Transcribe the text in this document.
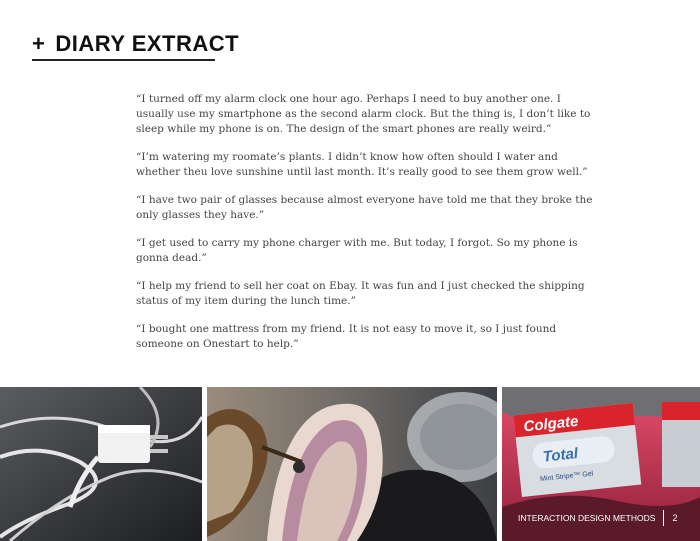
+ DIARY EXTRACT

“I turned off my alarm clock one hour ago. Perhaps I need to buy another one. I usually use my smartphone as the second alarm clock. But the thing is, I don’t like to sleep while my phone is on. The design of the smart phones are really weird.”

“I’m watering my roomate’s plants. I didn’t know how often should I water and whether theu love sunshine until last month. It’s really good to see them grow well.”

“I have two pair of glasses because almost everyone have told me that they broke the only glasses they have.”

“I get used to carry my phone charger with me. But today, I forgot. So my phone is gonna dead.”

“I help my friend to sell her coat on Ebay. It was fun and I just checked the shipping status of my item during the lunch time.”

“I bought one mattress from my friend. It is not easy to move it, so I just found someone on Onestart to help.”

Colgate
Total
Mint Stripe™ Gel
INTERACTION DESIGN METHODS 2
